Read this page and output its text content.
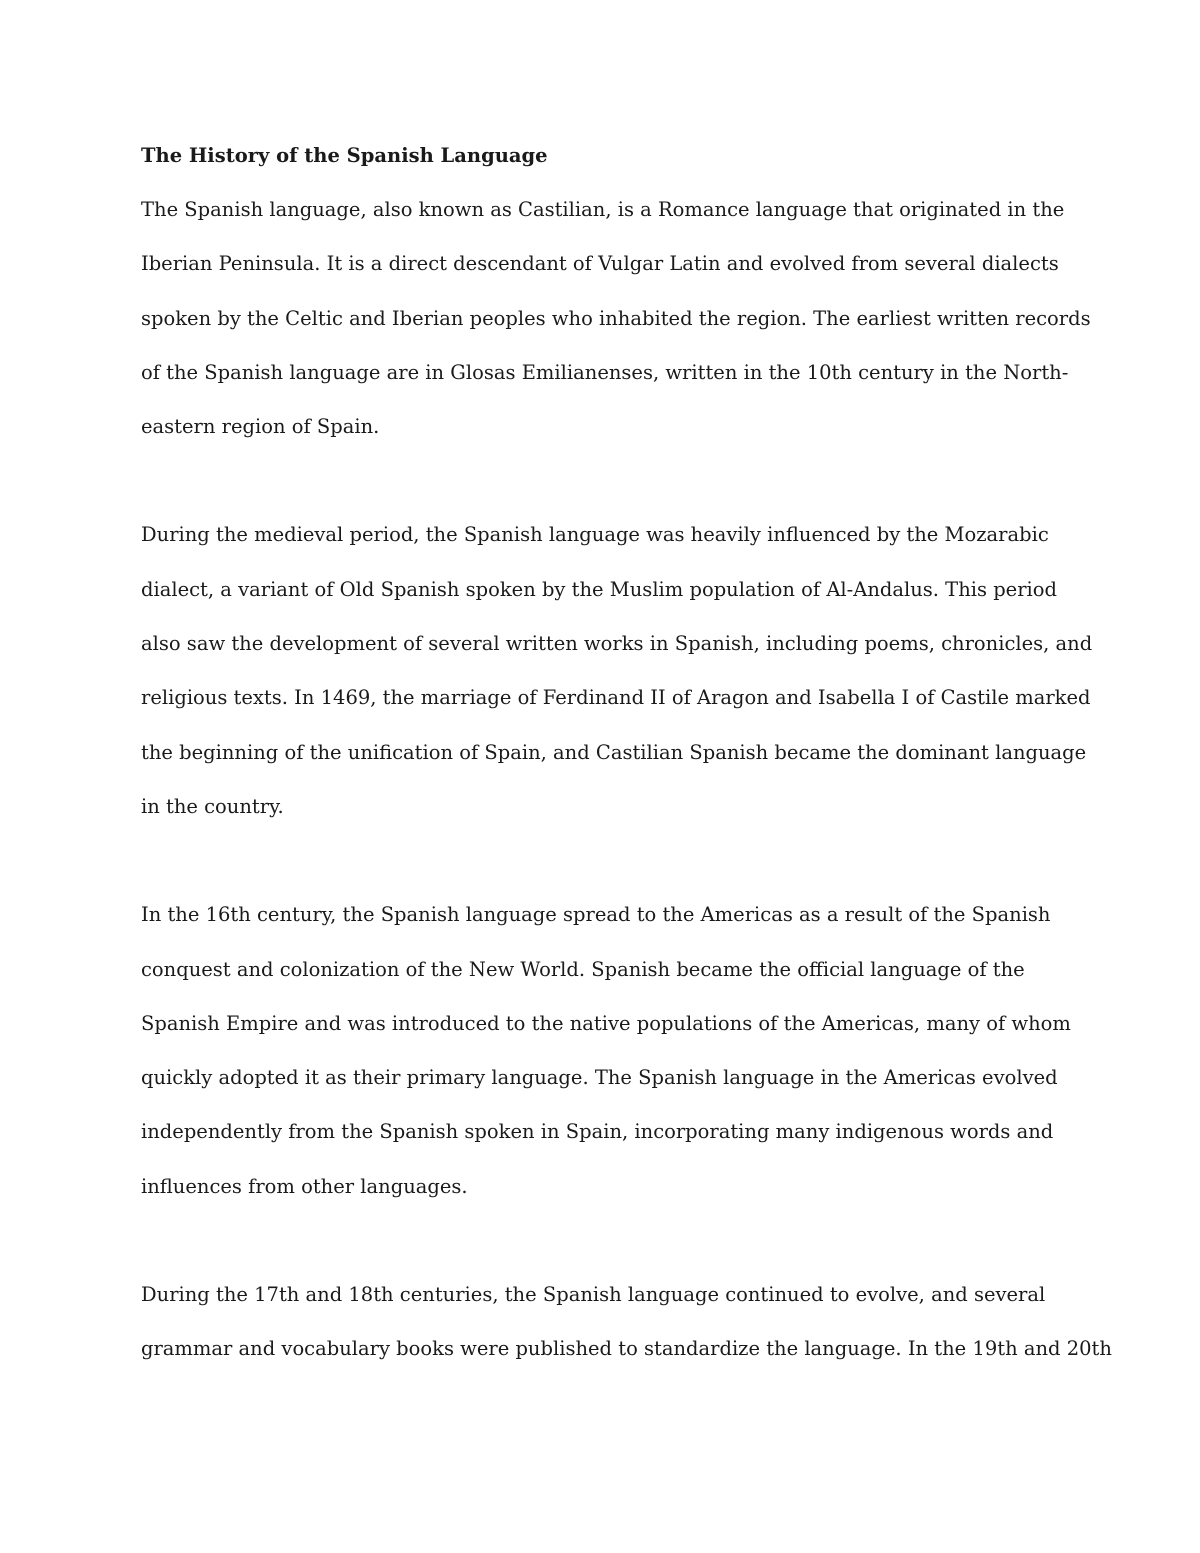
The History of the Spanish Language
The Spanish language, also known as Castilian, is a Romance language that originated in the
Iberian Peninsula. It is a direct descendant of Vulgar Latin and evolved from several dialects
spoken by the Celtic and Iberian peoples who inhabited the region. The earliest written records
of the Spanish language are in Glosas Emilianenses, written in the 10th century in the North-
eastern region of Spain.
During the medieval period, the Spanish language was heavily influenced by the Mozarabic
dialect, a variant of Old Spanish spoken by the Muslim population of Al-Andalus. This period
also saw the development of several written works in Spanish, including poems, chronicles, and
religious texts. In 1469, the marriage of Ferdinand II of Aragon and Isabella I of Castile marked
the beginning of the unification of Spain, and Castilian Spanish became the dominant language
in the country.
In the 16th century, the Spanish language spread to the Americas as a result of the Spanish
conquest and colonization of the New World. Spanish became the official language of the
Spanish Empire and was introduced to the native populations of the Americas, many of whom
quickly adopted it as their primary language. The Spanish language in the Americas evolved
independently from the Spanish spoken in Spain, incorporating many indigenous words and
influences from other languages.
During the 17th and 18th centuries, the Spanish language continued to evolve, and several
grammar and vocabulary books were published to standardize the language. In the 19th and 20th
